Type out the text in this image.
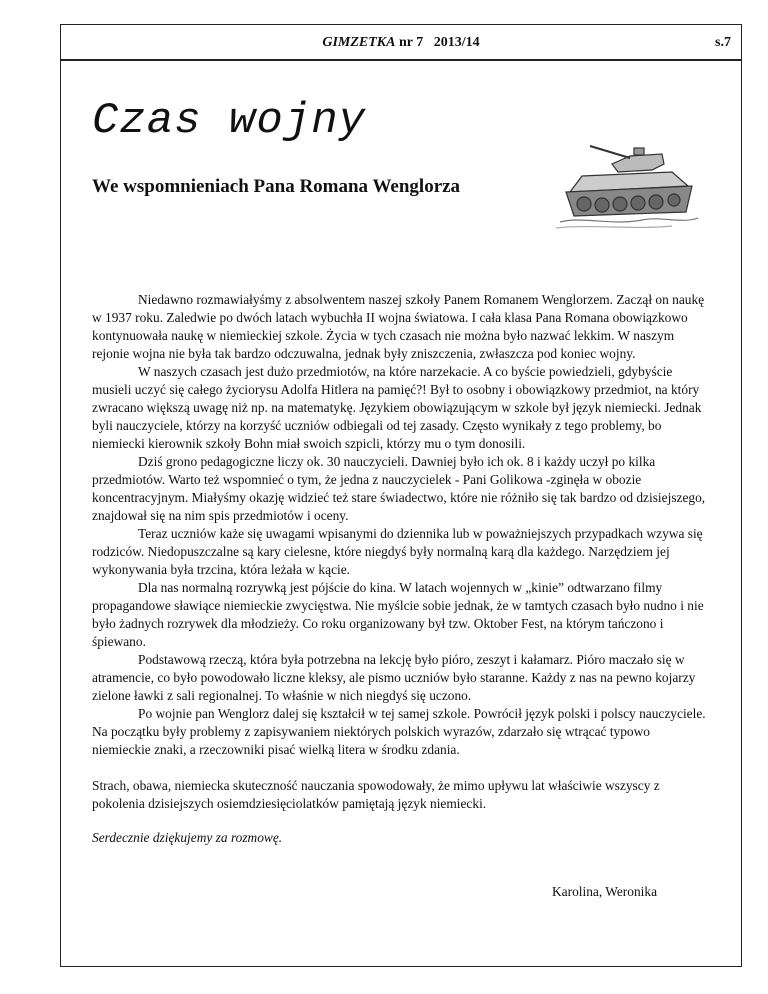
GIMZETKA nr 7 2013/14	s.7
Czas wojny
We wspomnieniach Pana Romana Wenglorza

Niedawno rozmawiałyśmy z absolwentem naszej szkoły Panem Romanem Wenglorzem. Zaczął on naukę w 1937 roku. Zaledwie po dwóch latach wybuchła II wojna światowa. I cała klasa Pana Romana obowiązkowo kontynuowała naukę w niemieckiej szkole. Życia w tych czasach nie można było nazwać lekkim. W naszym rejonie wojna nie była tak bardzo odczuwalna, jednak były zniszczenia, zwłaszcza pod koniec wojny.

W naszych czasach jest dużo przedmiotów, na które narzekacie. A co byście powiedzieli, gdybyście musieli uczyć się całego życiorysu Adolfa Hitlera na pamięć?! Był to osobny i obowiązkowy przedmiot, na który zwracano większą uwagę niż np. na matematykę. Językiem obowiązującym w szkole był język niemiecki. Jednak byli nauczyciele, którzy na korzyść uczniów odbiegali od tej zasady. Często wynikały z tego problemy, bo niemiecki kierownik szkoły Bohn miał swoich szpicli, którzy mu o tym donosili.

Dziś grono pedagogiczne liczy ok. 30 nauczycieli. Dawniej było ich ok. 8 i każdy uczył po kilka przedmiotów. Warto też wspomnieć o tym, że jedna z nauczycielek - Pani Golikowa -zginęła w obozie koncentracyjnym. Miałyśmy okazję widzieć też stare świadectwo, które nie różniło się tak bardzo od dzisiejszego, znajdował się na nim spis przedmiotów i oceny.

Teraz uczniów każe się uwagami wpisanymi do dziennika lub w poważniejszych przypadkach wzywa się rodziców. Niedopuszczalne są kary cielesne, które niegdyś były normalną karą dla każdego. Narzędziem jej wykonywania była trzcina, która leżała w kącie.

Dla nas normalną rozrywką jest pójście do kina. W latach wojennych w „kinie” odtwarzano filmy propagandowe sławiące niemieckie zwycięstwa. Nie myślcie sobie jednak, że w tamtych czasach było nudno i nie było żadnych rozrywek dla młodzieży. Co roku organizowany był tzw. Oktober Fest, na którym tańczono i śpiewano.

Podstawową rzeczą, która była potrzebna na lekcję było pióro, zeszyt i kałamarz. Pióro maczało się w atramencie, co było powodowało liczne kleksy, ale pismo uczniów było staranne. Każdy z nas na pewno kojarzy zielone ławki z sali regionalnej. To właśnie w nich niegdyś się uczono.

Po wojnie pan Wenglorz dalej się kształcił w tej samej szkole. Powrócił język polski i polscy nauczyciele. Na początku były problemy z zapisywaniem niektórych polskich wyrazów, zdarzało się wtrącać typowo niemieckie znaki, a rzeczowniki pisać wielką litera w środku zdania.

Strach, obawa, niemiecka skuteczność nauczania spowodowały, że mimo upływu lat właściwie wszyscy z pokolenia dzisiejszych osiemdziesięciolatków pamiętają język niemiecki.

Serdecznie dziękujemy za rozmowę.

Karolina, Weronika
